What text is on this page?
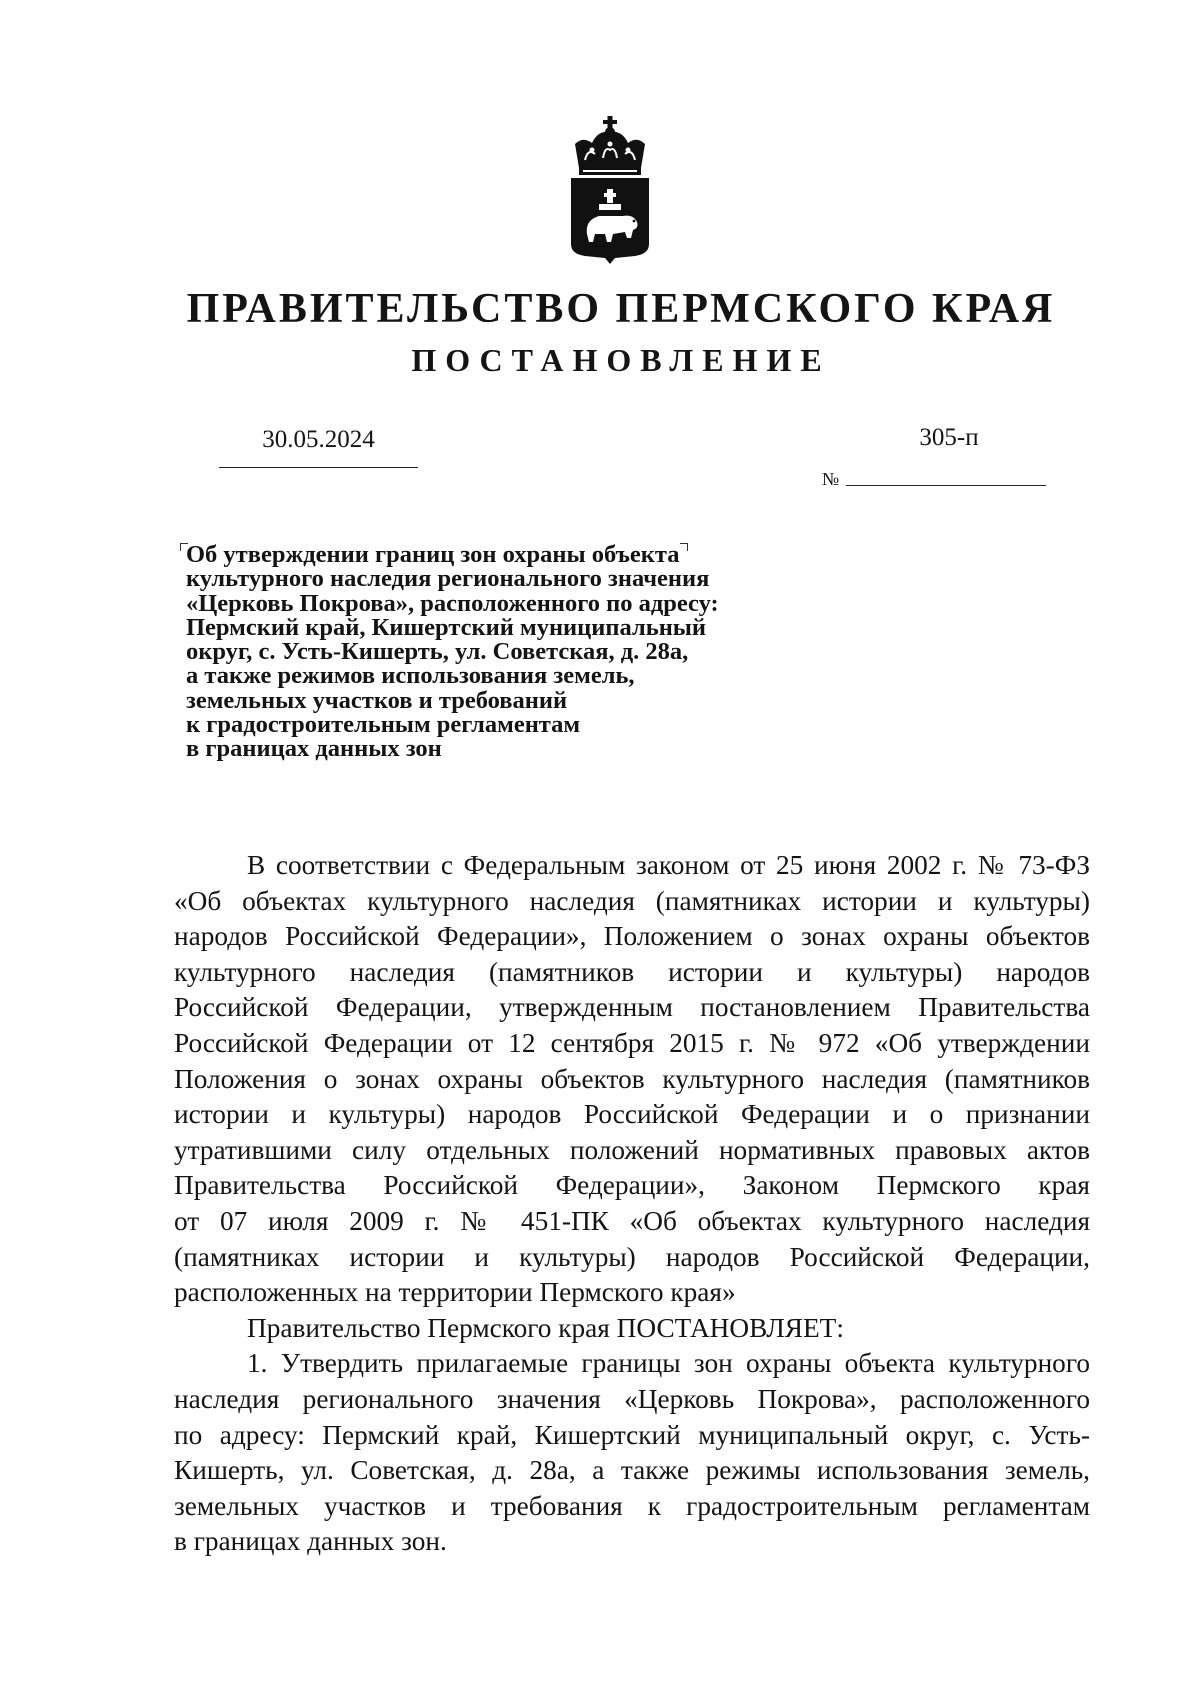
ПРАВИТЕЛЬСТВО ПЕРМСКОГО КРАЯ
ПОСТАНОВЛЕНИЕ
30.05.2024	305-п
№
Об утверждении границ зон охраны объекта
культурного наследия регионального значения
«Церковь Покрова», расположенного по адресу:
Пермский край, Кишертский муниципальный
округ, с. Усть-Кишерть, ул. Советская, д. 28а,
а также режимов использования земель,
земельных участков и требований
к градостроительным регламентам
в границах данных зон
В соответствии с Федеральным законом от 25 июня 2002 г. № 73-ФЗ
«Об объектах культурного наследия (памятниках истории и культуры)
народов Российской Федерации», Положением о зонах охраны объектов
культурного наследия (памятников истории и культуры) народов
Российской Федерации, утвержденным постановлением Правительства
Российской Федерации от 12 сентября 2015 г. № 972 «Об утверждении
Положения о зонах охраны объектов культурного наследия (памятников
истории и культуры) народов Российской Федерации и о признании
утратившими силу отдельных положений нормативных правовых актов
Правительства Российской Федерации», Законом Пермского края
от 07 июля 2009 г. № 451-ПК «Об объектах культурного наследия
(памятниках истории и культуры) народов Российской Федерации,
расположенных на территории Пермского края»
Правительство Пермского края ПОСТАНОВЛЯЕТ:
1. Утвердить прилагаемые границы зон охраны объекта культурного
наследия регионального значения «Церковь Покрова», расположенного
по адресу: Пермский край, Кишертский муниципальный округ, с. Усть-
Кишерть, ул. Советская, д. 28а, а также режимы использования земель,
земельных участков и требования к градостроительным регламентам
в границах данных зон.
